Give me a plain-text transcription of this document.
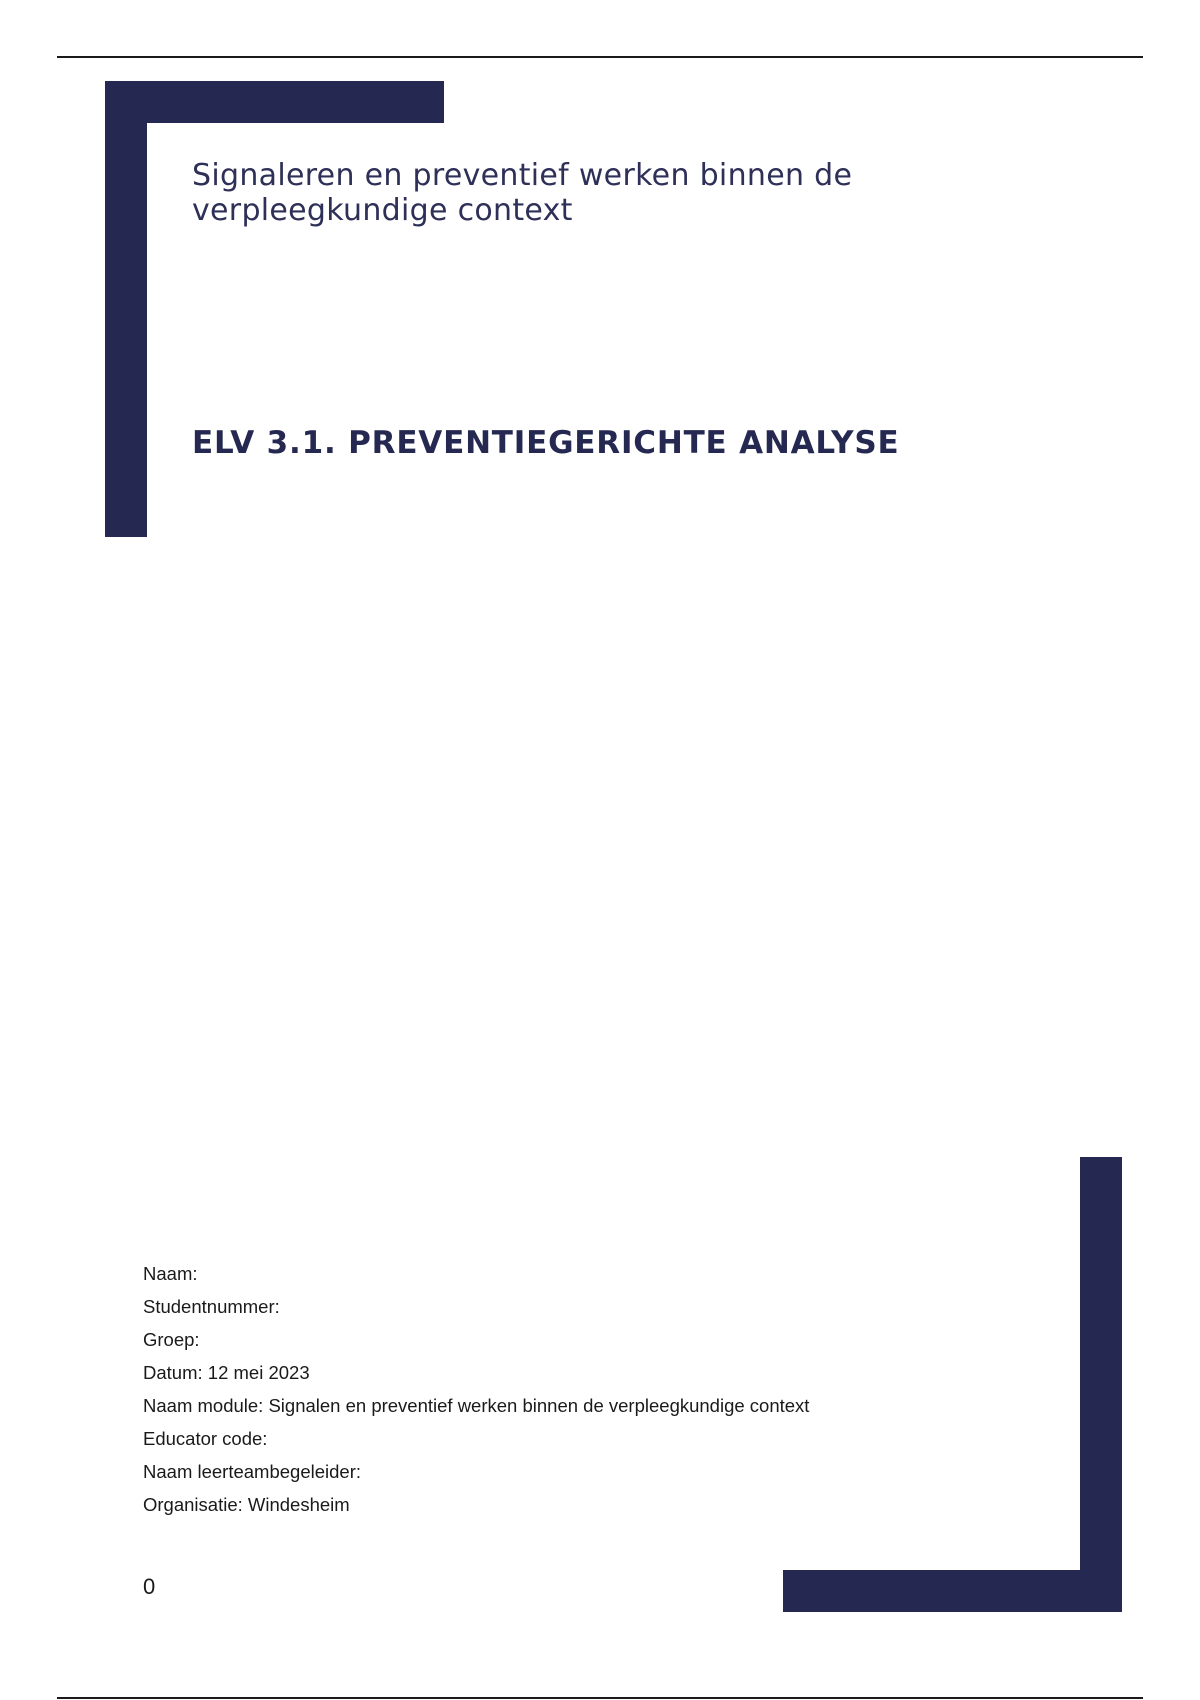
Signaleren en preventief werken binnen de verpleegkundige context
ELV 3.1. PREVENTIEGERICHTE ANALYSE
Naam:
Studentnummer:
Groep:
Datum: 12 mei 2023
Naam module: Signalen en preventief werken binnen de verpleegkundige context
Educator code:
Naam leerteambegeleider:
Organisatie: Windesheim
0
